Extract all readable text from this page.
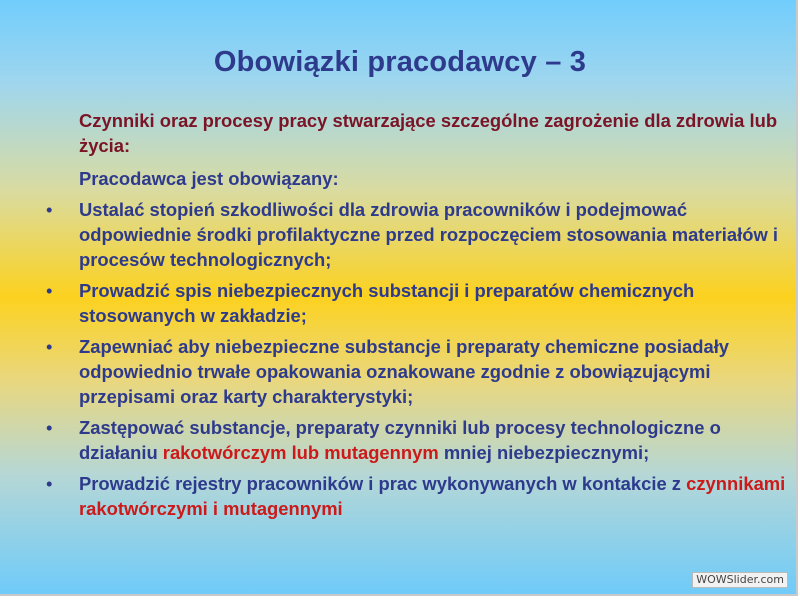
Obowiązki pracodawcy – 3
Czynniki oraz procesy pracy stwarzające szczególne zagrożenie dla zdrowia lub życia:
Pracodawca jest obowiązany:
• Ustalać stopień szkodliwości dla zdrowia pracowników i podejmować odpowiednie środki profilaktyczne przed rozpoczęciem stosowania materiałów i procesów technologicznych;
• Prowadzić spis niebezpiecznych substancji i preparatów chemicznych stosowanych w zakładzie;
• Zapewniać aby niebezpieczne substancje i preparaty chemiczne posiadały odpowiednio trwałe opakowania oznakowane zgodnie z obowiązującymi przepisami oraz karty charakterystyki;
• Zastępować substancje, preparaty czynniki lub procesy technologiczne o działaniu rakotwórczym lub mutagennym mniej niebezpiecznymi;
• Prowadzić rejestry pracowników i prac wykonywanych w kontakcie z czynnikami rakotwórczymi i mutagennymi
WOWSlider.com
